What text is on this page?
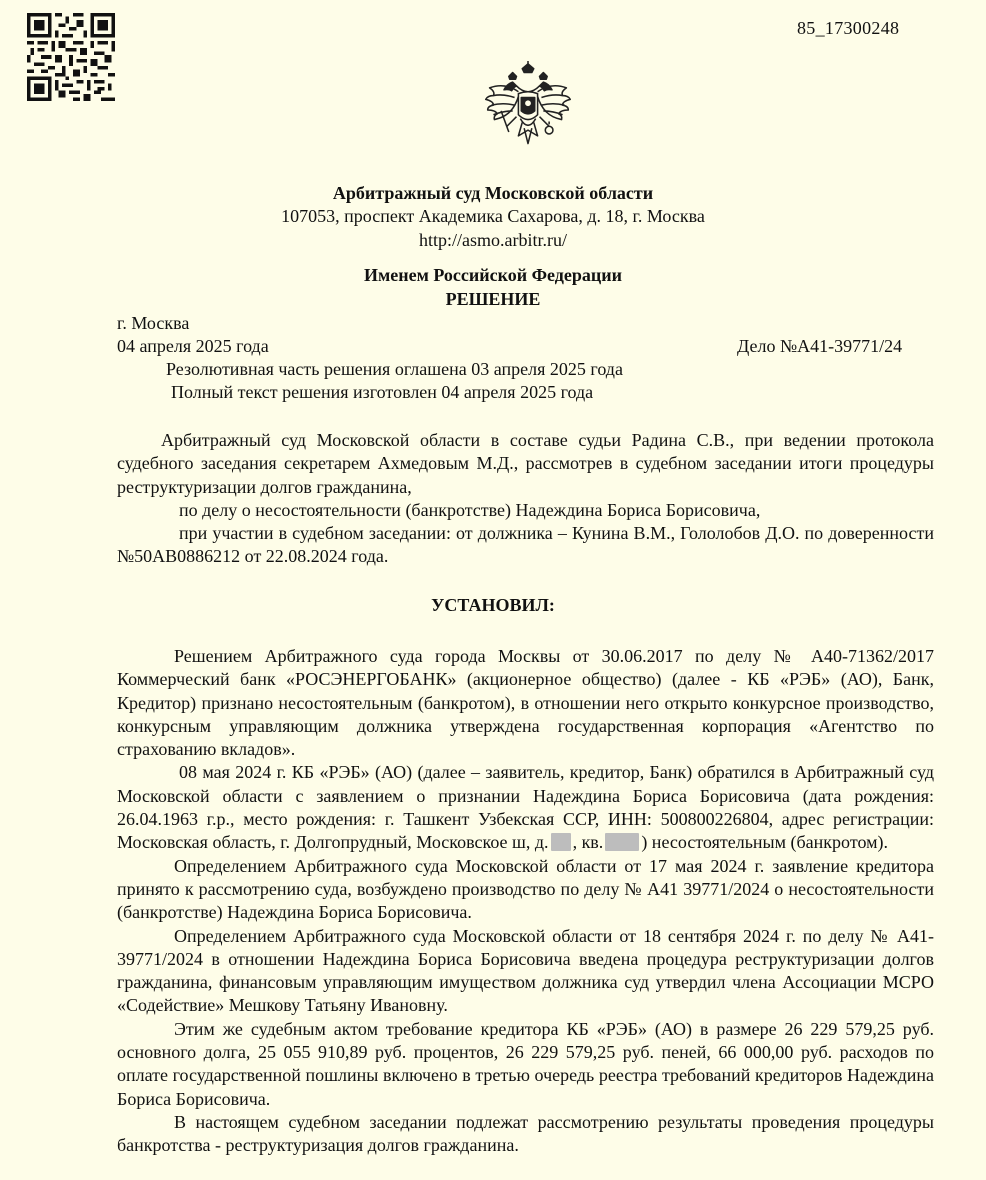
85_17300248
Арбитражный суд Московской области
107053, проспект Академика Сахарова, д. 18, г. Москва
http://asmo.arbitr.ru/
Именем Российской Федерации
РЕШЕНИЕ
г. Москва
04 апреля 2025 года	Дело №А41-39771/24
Резолютивная часть решения оглашена 03 апреля 2025 года
Полный текст решения изготовлен 04 апреля 2025 года

Арбитражный суд Московской области в составе судьи Радина С.В., при ведении протокола судебного заседания секретарем Ахмедовым М.Д., рассмотрев в судебном заседании итоги процедуры реструктуризации долгов гражданина,

по делу о несостоятельности (банкротстве) Надеждина Бориса Борисовича,

при участии в судебном заседании: от должника – Кунина В.М., Гололобов Д.О. по доверенности №50АВ0886212 от 22.08.2024 года.

УСТАНОВИЛ:

Решением Арбитражного суда города Москвы от 30.06.2017 по делу № А40-71362/2017 Коммерческий банк «РОСЭНЕРГОБАНК» (акционерное общество) (далее - КБ «РЭБ» (АО), Банк, Кредитор) признано несостоятельным (банкротом), в отношении него открыто конкурсное производство, конкурсным управляющим должника утверждена государственная корпорация «Агентство по страхованию вкладов».

08 мая 2024 г. КБ «РЭБ» (АО) (далее – заявитель, кредитор, Банк) обратился в Арбитражный суд Московской области с заявлением о признании Надеждина Бориса Борисовича (дата рождения: 26.04.1963 г.р., место рождения: г. Ташкент Узбекская ССР, ИНН: 500800226804, адрес регистрации: Московская область, г. Долгопрудный, Московское ш, д. , кв. ) несостоятельным (банкротом).

Определением Арбитражного суда Московской области от 17 мая 2024 г. заявление кредитора принято к рассмотрению суда, возбуждено производство по делу № А41 39771/2024 о несостоятельности (банкротстве) Надеждина Бориса Борисовича.

Определением Арбитражного суда Московской области от 18 сентября 2024 г. по делу № А41-39771/2024 в отношении Надеждина Бориса Борисовича введена процедура реструктуризации долгов гражданина, финансовым управляющим имуществом должника суд утвердил члена Ассоциации МСРО «Содействие» Мешкову Татьяну Ивановну.

Этим же судебным актом требование кредитора КБ «РЭБ» (АО) в размере 26 229 579,25 руб. основного долга, 25 055 910,89 руб. процентов, 26 229 579,25 руб. пеней, 66 000,00 руб. расходов по оплате государственной пошлины включено в третью очередь реестра требований кредиторов Надеждина Бориса Борисовича.

В настоящем судебном заседании подлежат рассмотрению результаты проведения процедуры банкротства - реструктуризация долгов гражданина.
